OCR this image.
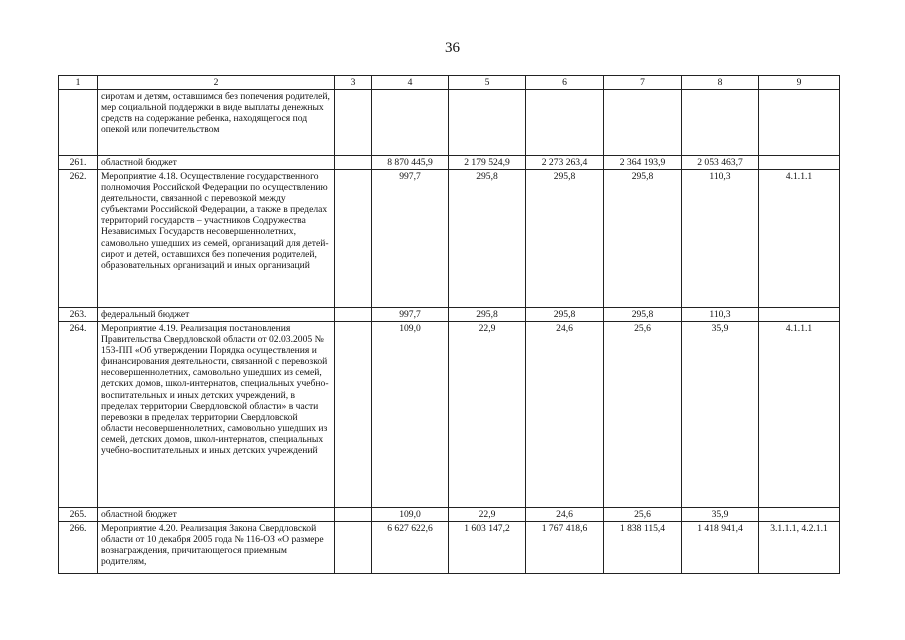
36
1	2	3	4	5	6	7	8	9
	сиротам и детям, оставшимся без попечения родителей, мер социальной поддержки в виде выплаты денежных средств на содержание ребенка, находящегося под опекой или попечительством							
261.	областной бюджет		8 870 445,9	2 179 524,9	2 273 263,4	2 364 193,9	2 053 463,7	
262.	Мероприятие 4.18. Осуществление государственного полномочия Российской Федерации по осуществлению деятельности, связанной с перевозкой между субъектами Российской Федерации, а также в пределах территорий государств – участников Содружества Независимых Государств несовершеннолетних, самовольно ушедших из семей, организаций для детей-сирот и детей, оставшихся без попечения родителей, образовательных организаций и иных организаций		997,7	295,8	295,8	295,8	110,3	4.1.1.1
263.	федеральный бюджет		997,7	295,8	295,8	295,8	110,3	
264.	Мероприятие 4.19. Реализация постановления Правительства Свердловской области от 02.03.2005 № 153-ПП «Об утверждении Порядка осуществления и финансирования деятельности, связанной с перевозкой несовершеннолетних, самовольно ушедших из семей, детских домов, школ-интернатов, специальных учебно-воспитательных и иных детских учреждений, в пределах территории Свердловской области» в части перевозки в пределах территории Свердловской области несовершеннолетних, самовольно ушедших из семей, детских домов, школ-интернатов, специальных учебно-воспитательных и иных детских учреждений		109,0	22,9	24,6	25,6	35,9	4.1.1.1
265.	областной бюджет		109,0	22,9	24,6	25,6	35,9	
266.	Мероприятие 4.20. Реализация Закона Свердловской области от 10 декабря 2005 года № 116-ОЗ «О размере вознаграждения, причитающегося приемным родителям,		6 627 622,6	1 603 147,2	1 767 418,6	1 838 115,4	1 418 941,4	3.1.1.1, 4.2.1.1
